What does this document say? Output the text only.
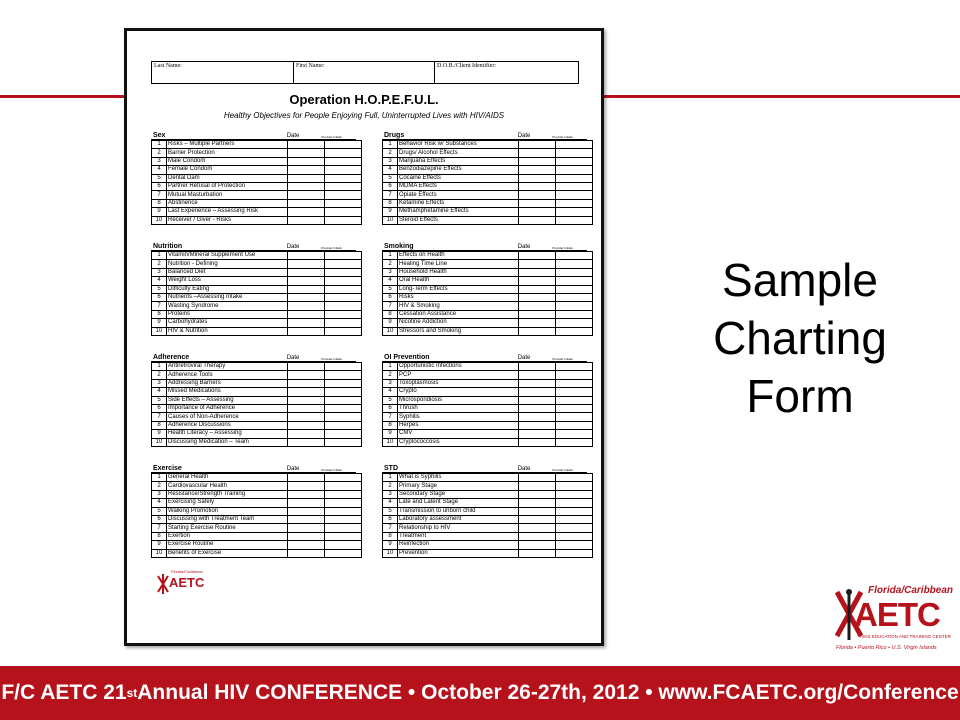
Last Name:	First Name:	D.O.B./Client Identifier:
Operation H.O.P.E.F.U.L.
Healthy Objectives for People Enjoying Full, Uninterrupted Lives with HIV/AIDS
Florida/Caribbean
AETC
Sex	Date	Provider Initials
1	Risks – Multiple Partners		
2	Barrier Protection		
3	Male Condom		
4	Female Condom		
5	Dental Dam		
6	Partner Refusal of Protection		
7	Mutual Masturbation		
8	Abstinence		
9	Last Experience – Assessing Risk		
10	Receiver / Giver - Risks		
Drugs	Date	Provider Initials
1	Behavior Risk w/ Substances		
2	Drugs/ Alcohol Effects		
3	Marijuana Effects		
4	Benzodiazepine Effects		
5	Cocaine Effects		
6	MDMA Effects		
7	Opiate Effects		
8	Ketamine Effects		
9	Methamphetamine Effects		
10	Steroid Effects		
Nutrition	Date	Provider Initials
1	Vitamin/Mineral Supplement Use		
2	Nutrition - Defining		
3	Balanced Diet		
4	Weight Loss		
5	Difficulty Eating		
6	Nutrients –Assessing Intake		
7	Wasting Syndrome		
8	Proteins		
9	Carbohydrates		
10	HIV & Nutrition		
Smoking	Date	Provider Initials
1	Effects on Health		
2	Healing Time Line		
3	Household Health		
4	Oral Health		
5	Long-Term Effects		
6	Risks		
7	HIV & Smoking		
8	Cessation Assistance		
9	Nicotine Addiction		
10	Stressors and Smoking		
Adherence	Date	Provider Initials
1	Antiretroviral Therapy		
2	Adherence Tools		
3	Addressing Barriers		
4	Missed Medications		
5	Side Effects – Assessing		
6	Importance of Adherence		
7	Causes of Non-Adherence		
8	Adherence Discussions		
9	Health Literacy – Assessing		
10	Discussing Medication – Team		
OI Prevention	Date	Provider Initials
1	Opportunistic Infections		
2	PCP		
3	Toxoplasmosis		
4	Crypto		
5	Microsporidiosis		
6	Thrush		
7	Syphilis		
8	Herpes		
9	CMV		
10	Cryptococcosis		
Exercise	Date	Provider Initials
1	General Health		
2	Cardiovascular Health		
3	Resistance/Strength Training		
4	Exercising Safely		
5	Walking Promotion		
6	Discussing with Treatment Team		
7	Starting Exercise Routine		
8	Exertion		
9	Exercise Routine		
10	Benefits of Exercise		
STD	Date	Provider Initials
1	What is Syphilis		
2	Primary Stage		
3	Secondary Stage		
4	Late and Latent Stage		
5	Transmission to unborn child		
6	Laboratory assessment		
7	Relationship to HIV		
8	Treatment		
9	Reinfection		
10	Prevention		
Sample Charting Form
Florida/Caribbean
AETC
AIDS EDUCATION AND TRAINING CENTER
Florida • Puerto Rico • U.S. Virgin Islands
F/C AETC 21 st Annual HIV CONFERENCE • October 26-27th, 2012 • www.FCAETC.org/Conference
